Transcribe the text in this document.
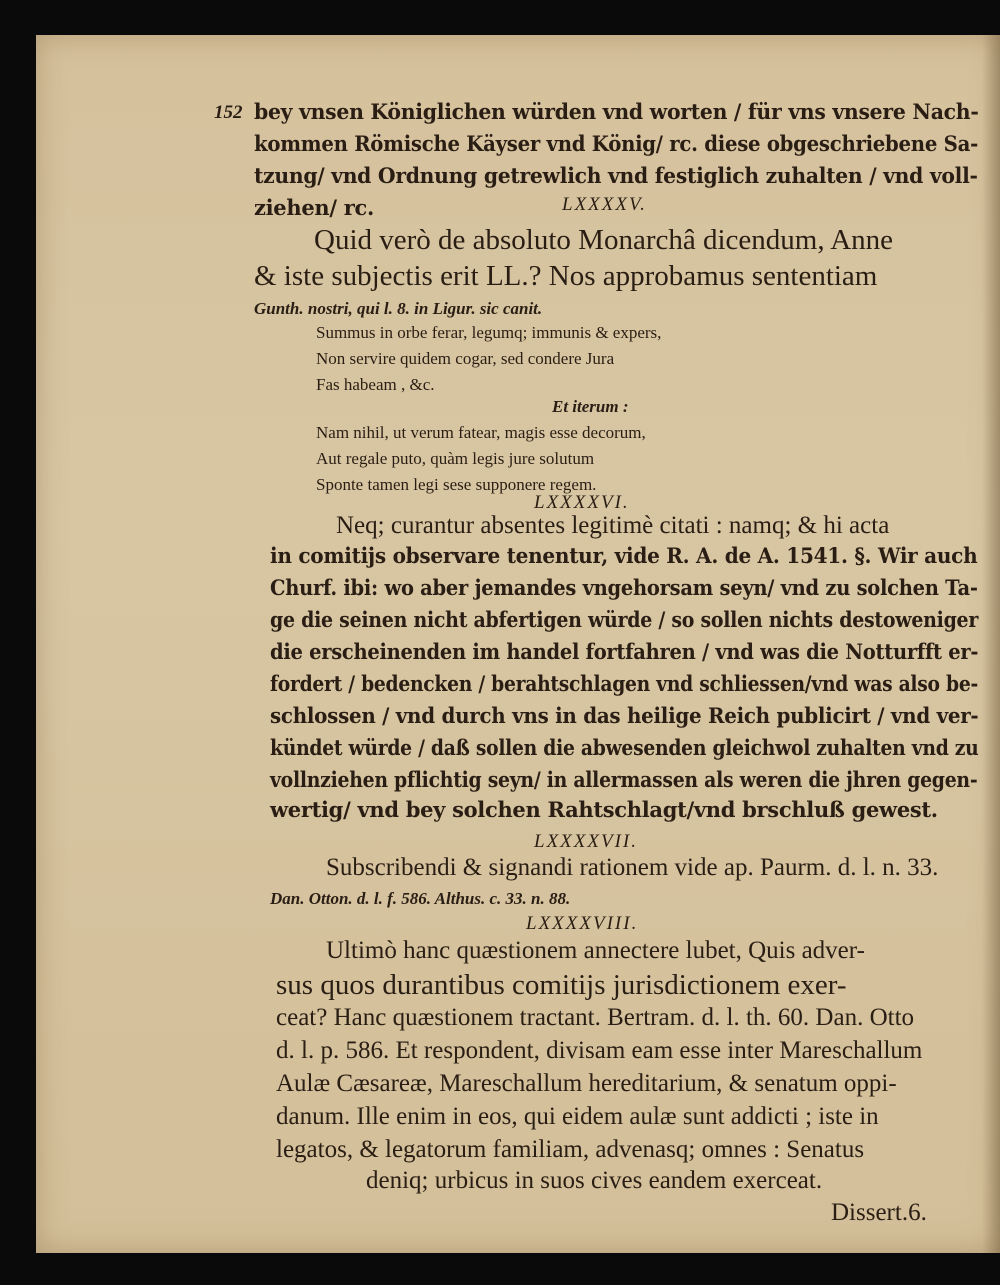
152 bey vnsen Königlichen würden vnd worten / für vns vnsere Nach-
kommen Römische Käyser vnd König/ rc. diese obgeschriebene Sa-
tzung/ vnd Ordnung getrewlich vnd festiglich zuhalten / vnd voll-
ziehen/ rc.	LXXXXV.
Quid verò de absoluto Monarchâ dicendum, Anne
& iste subjectis erit LL.? Nos approbamus sententiam
Gunth. nostri, qui l. 8. in Ligur. sic canit.
Summus in orbe ferar, legumq; immunis & expers,
Non servire quidem cogar, sed condere Jura
Fas habeam , &c.
Et iterum :
Nam nihil, ut verum fatear, magis esse decorum,
Aut regale puto, quàm legis jure solutum
Sponte tamen legi sese supponere regem.
LXXXXVI.
Neq; curantur absentes legitimè citati : namq; & hi acta
in comitijs observare tenentur, vide R. A. de A. 1541. §. Wir auch
Churf. ibi: wo aber jemandes vngehorsam seyn/ vnd zu solchen Ta-
ge die seinen nicht abfertigen würde / so sollen nichts destoweniger
die erscheinenden im handel fortfahren / vnd was die Notturfft er-
fordert / bedencken / berahtschlagen vnd schliessen/vnd was also be-
schlossen / vnd durch vns in das heilige Reich publicirt / vnd ver-
kündet würde / daß sollen die abwesenden gleichwol zuhalten vnd zu
vollnziehen pflichtig seyn/ in allermassen als weren die jhren gegen-
wertig/ vnd bey solchen Rahtschlagt/vnd brschluß gewest.
LXXXXVII.
Subscribendi & signandi rationem vide ap. Paurm. d. l. n. 33.
Dan. Otton. d. l. f. 586. Althus. c. 33. n. 88.
LXXXXVIII.
Ultimò hanc quæstionem annectere lubet, Quis adver-
sus quos durantibus comitijs jurisdictionem exer-
ceat? Hanc quæstionem tractant. Bertram. d. l. th. 60. Dan. Otto
d. l. p. 586. Et respondent, divisam eam esse inter Mareschallum
Aulæ Cæsareæ, Mareschallum hereditarium, & senatum oppi-
danum. Ille enim in eos, qui eidem aulæ sunt addicti ; iste in
legatos, & legatorum familiam, advenasq; omnes : Senatus
deniq; urbicus in suos cives eandem exerceat.
Dissert.6.
